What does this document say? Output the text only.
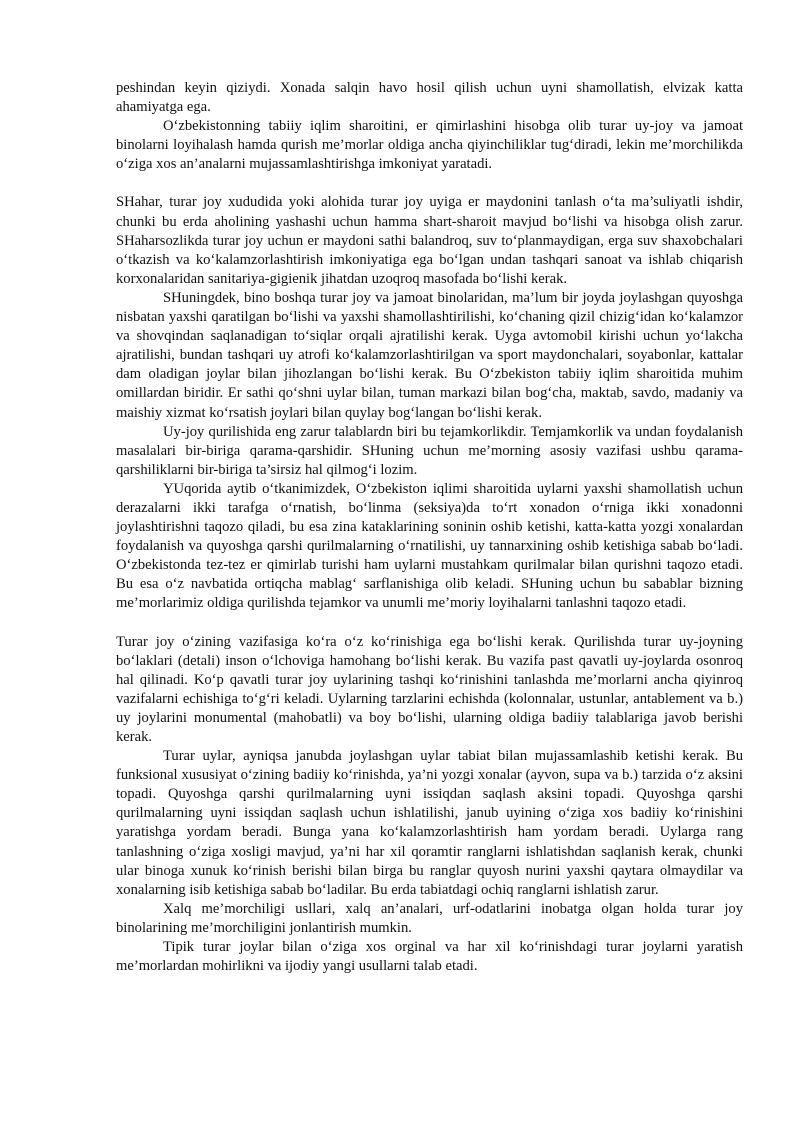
peshindan keyin qiziydi. Xonada salqin havo hosil qilish uchun uyni shamollatish, elvizak katta ahamiyatga ega.

O‘zbekistonning tabiiy iqlim sharoitini, er qimirlashini hisobga olib turar uy-joy va jamoat binolarni loyihalash hamda qurish me’morlar oldiga ancha qiyinchiliklar tug‘diradi, lekin me’morchilikda o‘ziga xos an’analarni mujassamlashtirishga imkoniyat yaratadi.

SHahar, turar joy xududida yoki alohida turar joy uyiga er maydonini tanlash o‘ta ma’suliyatli ishdir, chunki bu erda aholining yashashi uchun hamma shart-sharoit mavjud bo‘lishi va hisobga olish zarur. SHaharsozlikda turar joy uchun er maydoni sathi balandroq, suv to‘planmaydigan, erga suv shaxobchalari o‘tkazish va ko‘kalamzorlashtirish imkoniyatiga ega bo‘lgan undan tashqari sanoat va ishlab chiqarish korxonalaridan sanitariya-gigienik jihatdan uzoqroq masofada bo‘lishi kerak.

SHuningdek, bino boshqa turar joy va jamoat binolaridan, ma’lum bir joyda joylashgan quyoshga nisbatan yaxshi qaratilgan bo‘lishi va yaxshi shamollashtirilishi, ko‘chaning qizil chizig‘idan ko‘kalamzor va shovqindan saqlanadigan to‘siqlar orqali ajratilishi kerak. Uyga avtomobil kirishi uchun yo‘lakcha ajratilishi, bundan tashqari uy atrofi ko‘kalamzorlashtirilgan va sport maydonchalari, soyabonlar, kattalar dam oladigan joylar bilan jihozlangan bo‘lishi kerak. Bu O‘zbekiston tabiiy iqlim sharoitida muhim omillardan biridir. Er sathi qo‘shni uylar bilan, tuman markazi bilan bog‘cha, maktab, savdo, madaniy va maishiy xizmat ko‘rsatish joylari bilan quylay bog‘langan bo‘lishi kerak.

Uy-joy qurilishida eng zarur talablardn biri bu tejamkorlikdir. Temjamkorlik va undan foydalanish masalalari bir-biriga qarama-qarshidir. SHuning uchun me’morning asosiy vazifasi ushbu qarama-qarshiliklarni bir-biriga ta’sirsiz hal qilmog‘i lozim.

YUqorida aytib o‘tkanimizdek, O‘zbekiston iqlimi sharoitida uylarni yaxshi shamollatish uchun derazalarni ikki tarafga o‘rnatish, bo‘linma (seksiya)da to‘rt xonadon o‘rniga ikki xonadonni joylashtirishni taqozo qiladi, bu esa zina kataklarining soninin oshib ketishi, katta-katta yozgi xonalardan foydalanish va quyoshga qarshi qurilmalarning o‘rnatilishi, uy tannarxining oshib ketishiga sabab bo‘ladi. O‘zbekistonda tez-tez er qimirlab turishi ham uylarni mustahkam qurilmalar bilan qurishni taqozo etadi. Bu esa o‘z navbatida ortiqcha mablag‘ sarflanishiga olib keladi. SHuning uchun bu sabablar bizning me’morlarimiz oldiga qurilishda tejamkor va unumli me’moriy loyihalarni tanlashni taqozo etadi.

Turar joy o‘zining vazifasiga ko‘ra o‘z ko‘rinishiga ega bo‘lishi kerak. Qurilishda turar uy-joyning bo‘laklari (detali) inson o‘lchoviga hamohang bo‘lishi kerak. Bu vazifa past qavatli uy-joylarda osonroq hal qilinadi. Ko‘p qavatli turar joy uylarining tashqi ko‘rinishini tanlashda me’morlarni ancha qiyinroq vazifalarni echishiga to‘g‘ri keladi. Uylarning tarzlarini echishda (kolonnalar, ustunlar, antablement va b.) uy joylarini monumental (mahobatli) va boy bo‘lishi, ularning oldiga badiiy talablariga javob berishi kerak.

Turar uylar, ayniqsa janubda joylashgan uylar tabiat bilan mujassamlashib ketishi kerak. Bu funksional xususiyat o‘zining badiiy ko‘rinishda, ya’ni yozgi xonalar (ayvon, supa va b.) tarzida o‘z aksini topadi. Quyoshga qarshi qurilmalarning uyni issiqdan saqlash aksini topadi. Quyoshga qarshi qurilmalarning uyni issiqdan saqlash uchun ishlatilishi, janub uyining o‘ziga xos badiiy ko‘rinishini yaratishga yordam beradi. Bunga yana ko‘kalamzorlashtirish ham yordam beradi. Uylarga rang tanlashning o‘ziga xosligi mavjud, ya’ni har xil qoramtir ranglarni ishlatishdan saqlanish kerak, chunki ular binoga xunuk ko‘rinish berishi bilan birga bu ranglar quyosh nurini yaxshi qaytara olmaydilar va xonalarning isib ketishiga sabab bo‘ladilar. Bu erda tabiatdagi ochiq ranglarni ishlatish zarur.

Xalq me’morchiligi usllari, xalq an’analari, urf-odatlarini inobatga olgan holda turar joy binolarining me’morchiligini jonlantirish mumkin.

Tipik turar joylar bilan o‘ziga xos orginal va har xil ko‘rinishdagi turar joylarni yaratish me’morlardan mohirlikni va ijodiy yangi usullarni talab etadi.
